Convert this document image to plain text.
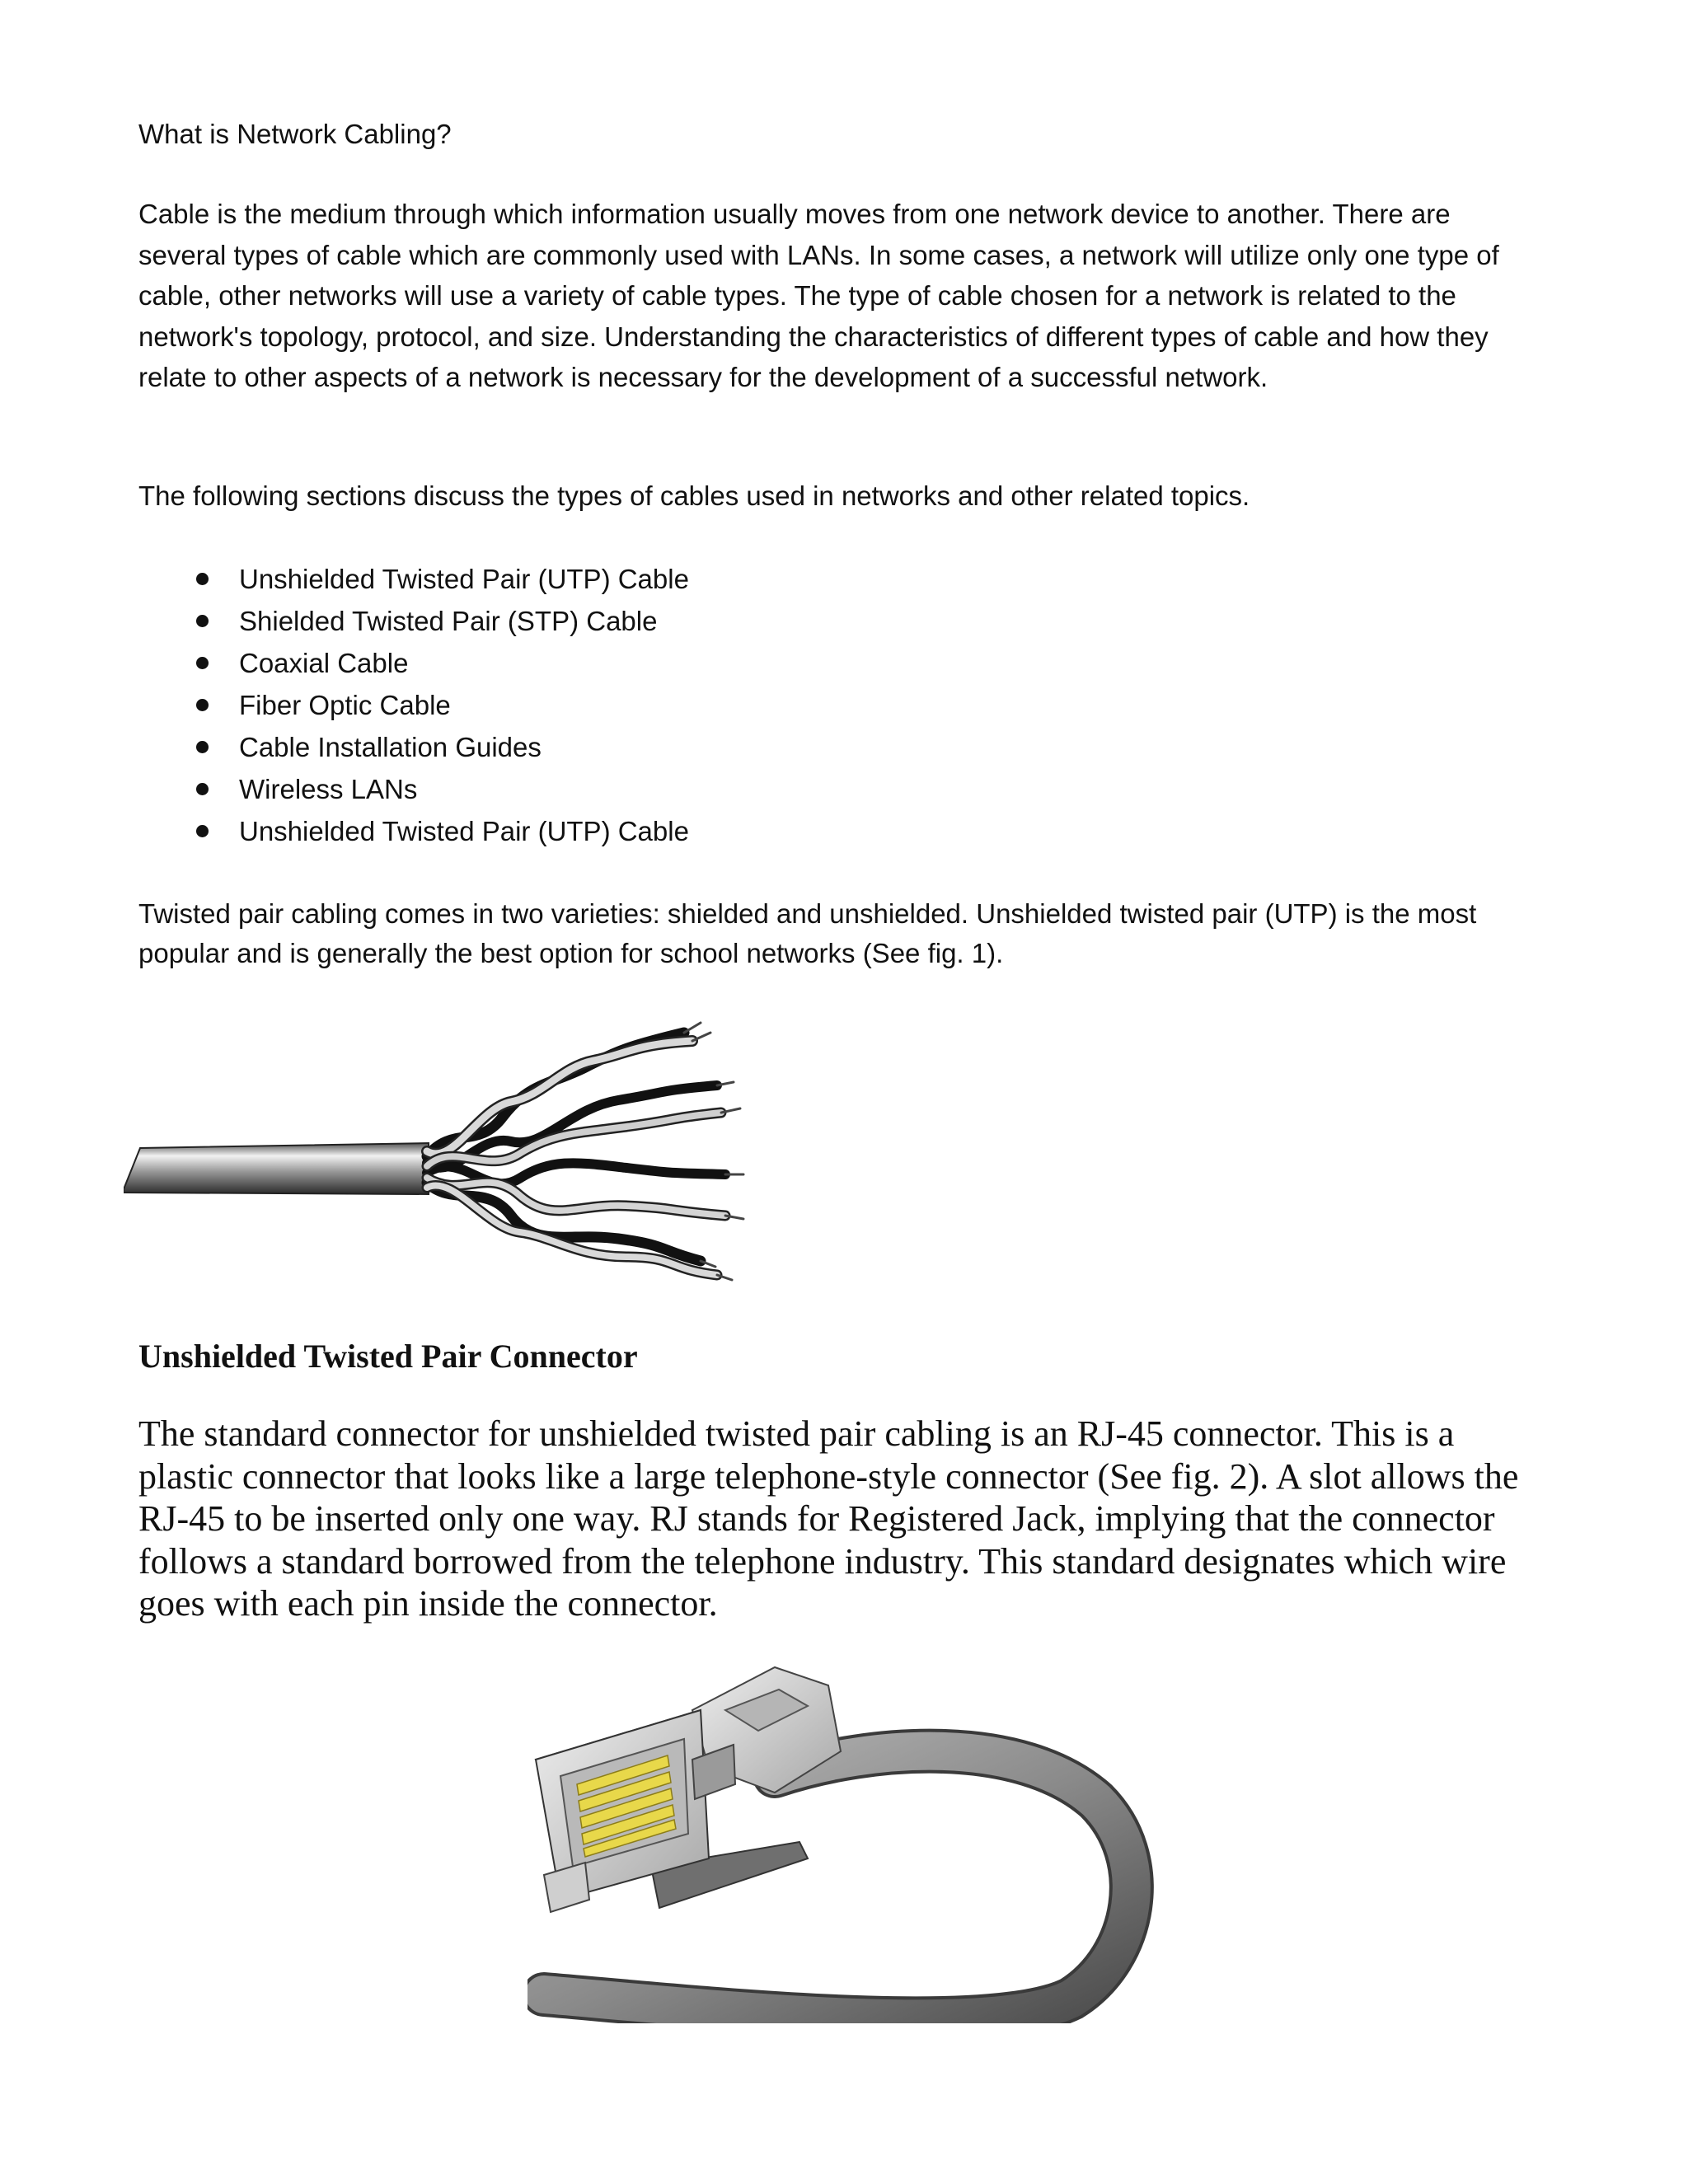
What is Network Cabling?

Cable is the medium through which information usually moves from one network device to another. There are several types of cable which are commonly used with LANs. In some cases, a network will utilize only one type of cable, other networks will use a variety of cable types. The type of cable chosen for a network is related to the network's topology, protocol, and size. Understanding the characteristics of different types of cable and how they relate to other aspects of a network is necessary for the development of a successful network.

The following sections discuss the types of cables used in networks and other related topics.

Unshielded Twisted Pair (UTP) Cable
Shielded Twisted Pair (STP) Cable
Coaxial Cable
Fiber Optic Cable
Cable Installation Guides
Wireless LANs
Unshielded Twisted Pair (UTP) Cable

Twisted pair cabling comes in two varieties: shielded and unshielded. Unshielded twisted pair (UTP) is the most popular and is generally the best option for school networks (See fig. 1).

Unshielded Twisted Pair Connector

The standard connector for unshielded twisted pair cabling is an RJ-45 connector. This is a plastic connector that looks like a large telephone-style connector (See fig. 2). A slot allows the RJ-45 to be inserted only one way. RJ stands for Registered Jack, implying that the connector follows a standard borrowed from the telephone industry. This standard designates which wire goes with each pin inside the connector.
